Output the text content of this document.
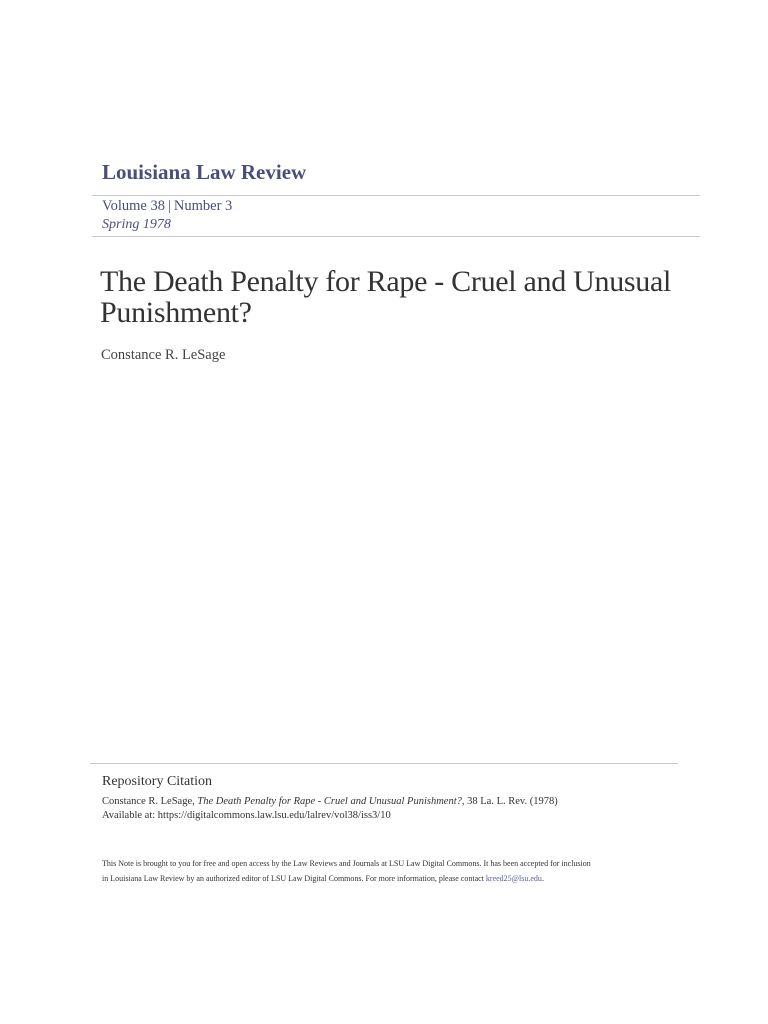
Louisiana Law Review
Volume 38 | Number 3
Spring 1978
The Death Penalty for Rape - Cruel and Unusual
Punishment?
Constance R. LeSage
Repository Citation
Constance R. LeSage, The Death Penalty for Rape - Cruel and Unusual Punishment?, 38 La. L. Rev. (1978)
Available at: https://digitalcommons.law.lsu.edu/lalrev/vol38/iss3/10
This Note is brought to you for free and open access by the Law Reviews and Journals at LSU Law Digital Commons. It has been accepted for inclusion
in Louisiana Law Review by an authorized editor of LSU Law Digital Commons. For more information, please contact kreed25@lsu.edu.
